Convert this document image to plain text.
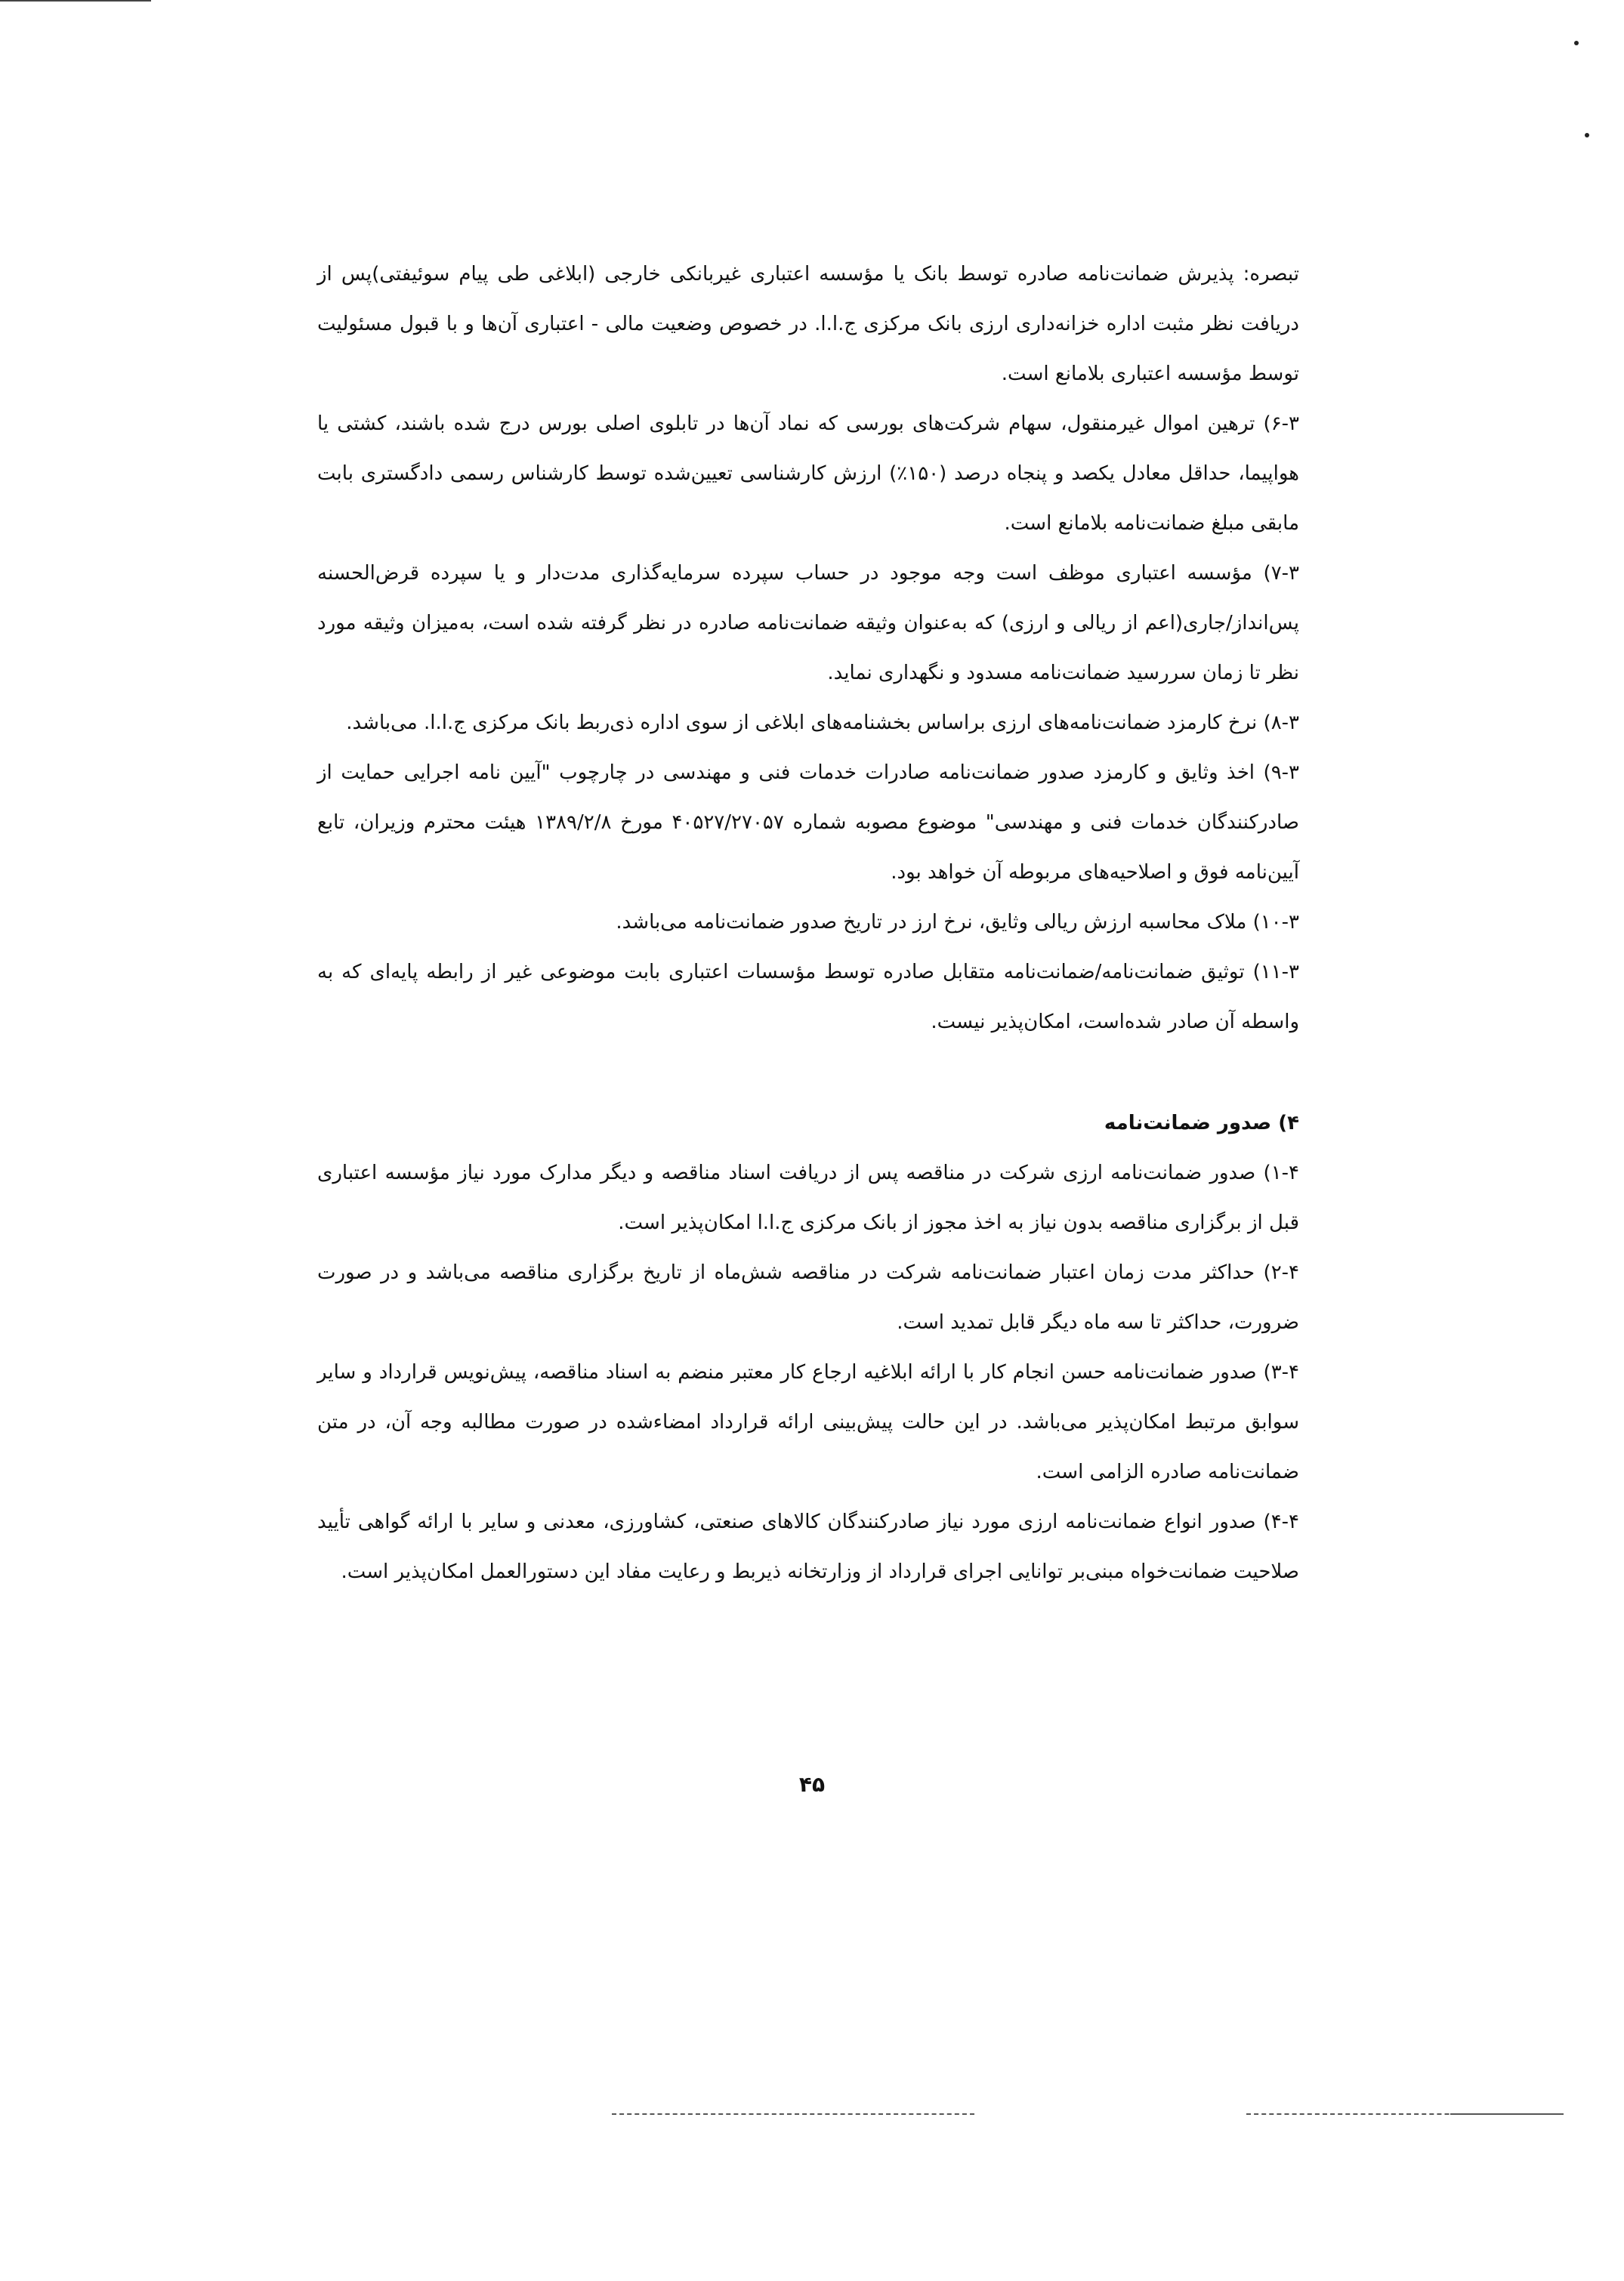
تبصره: پذیرش ضمانت‌نامه صادره توسط بانک یا مؤسسه اعتباری غیربانکی خارجی (ابلاغی طی پیام سوئیفتی)پس از دریافت نظر مثبت اداره خزانه‌داری ارزی بانک مرکزی ج.ا.ا. در خصوص وضعیت مالی - اعتباری آن‌ها و با قبول مسئولیت توسط مؤسسه اعتباری بلامانع است.

۶-۳) ترهین اموال غیرمنقول، سهام شرکت‌های بورسی که نماد آن‌ها در تابلوی اصلی بورس درج شده باشند، کشتی یا هواپیما، حداقل معادل یکصد و پنجاه درصد (۱۵۰٪) ارزش کارشناسی تعیین‌شده توسط کارشناس رسمی دادگستری بابت مابقی مبلغ ضمانت‌نامه بلامانع است.

۷-۳) مؤسسه اعتباری موظف است وجه موجود در حساب سپرده سرمایه‌گذاری مدت‌دار و یا سپرده قرض‌الحسنه پس‌انداز/جاری(اعم از ریالی و ارزی) که به‌عنوان وثیقه ضمانت‌نامه صادره در نظر گرفته شده است، به‌میزان وثیقه مورد نظر تا زمان سررسید ضمانت‌نامه مسدود و نگهداری نماید.

۸-۳) نرخ کارمزد ضمانت‌نامه‌های ارزی براساس بخشنامه‌های ابلاغی از سوی اداره ذی‌ربط بانک مرکزی ج.ا.ا. می‌باشد.

۹-۳) اخذ وثایق و کارمزد صدور ضمانت‌نامه صادرات خدمات فنی و مهندسی در چارچوب "آیین نامه اجرایی حمایت از صادرکنندگان خدمات فنی و مهندسی" موضوع مصوبه شماره ۴۰۵۲۷/۲۷۰۵۷ مورخ ۱۳۸۹/۲/۸ هیئت محترم وزیران، تابع آیین‌نامه فوق و اصلاحیه‌های مربوطه آن خواهد بود.

۱۰-۳) ملاک محاسبه ارزش ریالی وثایق، نرخ ارز در تاریخ صدور ضمانت‌نامه می‌باشد.

۱۱-۳) توثیق ضمانت‌نامه/ضمانت‌نامه متقابل صادره توسط مؤسسات اعتباری بابت موضوعی غیر از رابطه پایه‌ای که به واسطه آن صادر شده‌است، امکان‌پذیر نیست.

۴) صدور ضمانت‌نامه

۱-۴) صدور ضمانت‌نامه ارزی شرکت در مناقصه پس از دریافت اسناد مناقصه و دیگر مدارک مورد نیاز مؤسسه اعتباری قبل از برگزاری مناقصه بدون نیاز به اخذ مجوز از بانک مرکزی ج.ا.ا امکان‌پذیر است.

۲-۴) حداکثر مدت زمان اعتبار ضمانت‌نامه شرکت در مناقصه شش‌ماه از تاریخ برگزاری مناقصه می‌باشد و در صورت ضرورت، حداکثر تا سه ماه دیگر قابل تمدید است.

۳-۴) صدور ضمانت‌نامه حسن انجام کار با ارائه ابلاغیه ارجاع کار معتبر منضم به اسناد مناقصه، پیش‌نویس قرارداد و سایر سوابق مرتبط امکان‌پذیر می‌باشد. در این حالت پیش‌بینی ارائه قرارداد امضاءشده در صورت مطالبه وجه آن، در متن ضمانت‌نامه صادره الزامی است.

۴-۴) صدور انواع ضمانت‌نامه ارزی مورد نیاز صادرکنندگان کالاهای صنعتی، کشاورزی، معدنی و سایر با ارائه گواهی تأیید صلاحیت ضمانت‌خواه مبنی‌بر توانایی اجرای قرارداد از وزارتخانه ذیربط و رعایت مفاد این دستورالعمل امکان‌پذیر است.

۴۵
